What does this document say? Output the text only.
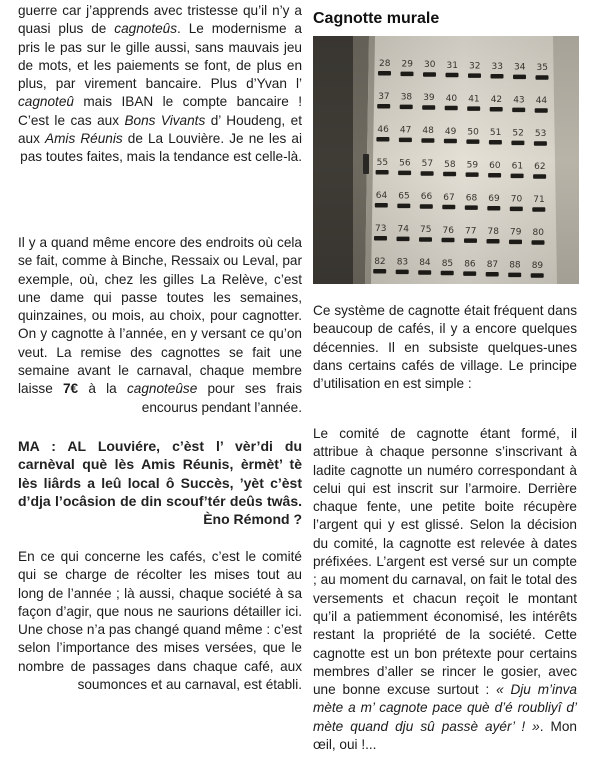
guerre car j’apprends avec tristesse qu’il n’y a quasi plus de cagnoteûs. Le modernisme a pris le pas sur le gille aussi, sans mauvais jeu de mots, et les paiements se font, de plus en plus, par virement bancaire. Plus d’Yvan l’ cagnoteû mais IBAN le compte bancaire ! C’est le cas aux Bons Vivants d’ Houdeng, et aux Amis Réunis de La Louvière. Je ne les ai pas toutes faites, mais la tendance est celle-là.

Il y a quand même encore des endroits où cela se fait, comme à Binche, Ressaix ou Leval, par exemple, où, chez les gilles La Relève, c’est une dame qui passe toutes les semaines, quinzaines, ou mois, au choix, pour cagnotter. On y cagnotte à l’année, en y versant ce qu’on veut. La remise des cagnottes se fait une semaine avant le carnaval, chaque membre laisse 7€ à la cagnoteûse pour ses frais encourus pendant l’année.

MA : AL Louviére, c’èst l’ vèr’di du carnèval què lès Amis Réunis, èrmèt’ tè lès liârds a leû local ô Succès, ’yèt c’èst d’dja l’ocâsion de din scouf’tér deûs twâs. Èno Rémond ?

En ce qui concerne les cafés, c’est le comité qui se charge de récolter les mises tout au long de l’année ; là aussi, chaque société à sa façon d’agir, que nous ne saurions détailler ici. Une chose n’a pas changé quand même : c’est selon l’importance des mises versées, que le nombre de passages dans chaque café, aux soumonces et au carnaval, est établi.

Cagnotte murale

Ce système de cagnotte était fréquent dans beaucoup de cafés, il y a encore quelques décennies. Il en subsiste quelques-unes dans certains cafés de village. Le principe d’utilisation en est simple :

Le comité de cagnotte étant formé, il attribue à chaque personne s’inscrivant à ladite cagnotte un numéro correspondant à celui qui est inscrit sur l’armoire. Derrière chaque fente, une petite boite récupère l’argent qui y est glissé. Selon la décision du comité, la cagnotte est relevée à dates préfixées. L’argent est versé sur un compte ; au moment du carnaval, on fait le total des versements et chacun reçoit le montant qu’il a patiemment économisé, les intérêts restant la propriété de la société. Cette cagnotte est un bon prétexte pour certains membres d’aller se rincer le gosier, avec une bonne excuse surtout : « Dju m’inva mète a m’ cagnote pace què d’é roubliyî d’ mète quand dju sû passè ayér’ ! ». Mon œil, oui !...
